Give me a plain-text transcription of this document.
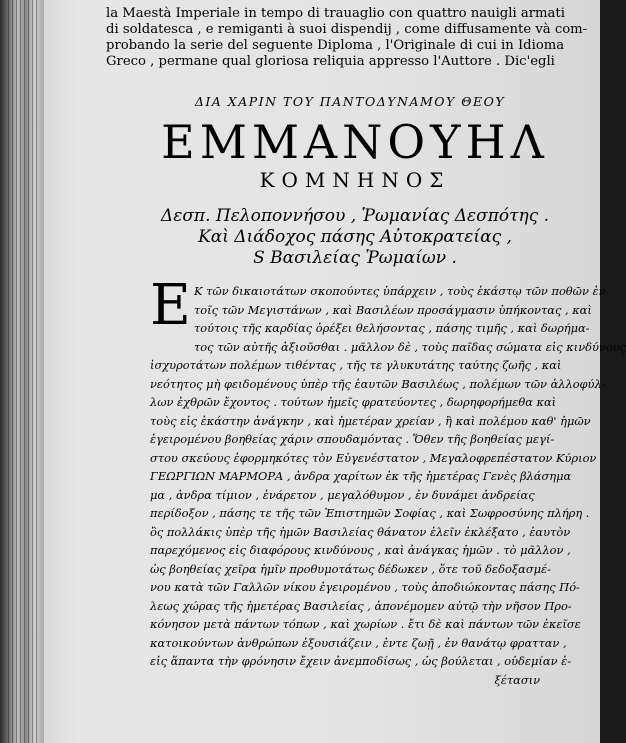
la Maestà Imperiale in tempo di trauaglio con quattro nauigli armati
di soldatesca , e remiganti à suoi dispendij , come diffusamente và com-
probando la serie del seguente Diploma , l'Originale di cui in Idioma
Greco , permane qual gloriosa reliquia appresso l'Auttore . Dic'egli
ΔΙΑ ΧΑΡΙΝ ΤΟΥ ΠΑΝΤΟΔΥΝΑΜΟΥ ΘΕΟΥ
ΕΜΜΑΝΟΥΗΛ
ΚΟΜΝΗΝΟΣ
Δεσπ. Πελοποννήσου , Ῥωμανίας Δεσπότης .
Καὶ Διάδοχος πάσης Αὐτοκρατείας ,
S Βασιλείας Ῥωμαίων .
Ε Κ τῶν δικαιοτάτων σκοπούντες ὑπάρχειν , τοὺς ἑκάστῳ τῶν ποθῶν ἐν
τοῖς τῶν Μεγιστάνων , καὶ Βασιλέων προσάγμασιν ὑπήκοντας , καὶ
τούτοις τῆς καρδίας ὀρέξει θελήσοντας , πάσης τιμῆς , καὶ δωρήμα-
τος τῶν αὐτῆς ἀξιοῦσθαι . μᾶλλον δὲ , τοὺς παῖδας σώματα εἰς κινδύνους
ἰσχυροτάτων πολέμων τιθέντας , τῆς τε γλυκυτάτης ταύτης ζωῆς , καὶ
νεότητος μὴ φειδομένους ὑπὲρ τῆς ἑαυτῶν Βασιλέως , πολέμων τῶν ἀλλοφύλ-
λων ἐχθρῶν ἔχοντος . τούτων ἡμεῖς φρατεύοντες , δωρηφορήμεθα καὶ
τοὺς εἰς ἑκάστην ἀνάγκην , καὶ ἡμετέραν χρείαν , ἢ καὶ πολέμου καθ' ἡμῶν
ἐγειρομένου βοηθείας χάριν σπουδαμόντας . Ὅθεν τῆς βοηθείας μεγί-
στου σκεύους ἐφορμηκότες τὸν Εὐγενέστατον , Μεγαλοφρεπέστατον Κύριον
ΓΕΩΡΓΙΩΝ ΜΑΡΜΟΡΑ , ἀνδρα χαρίτων ἐκ τῆς ἡμετέρας Γενὲς βλάσημα
μα , ἀνδρα τίμιον , ἐνάρετον , μεγαλόθυμον , ἐν δυνάμει ἀνδρείας
περίδοξον , πάσης τε τῆς τῶν Ἐπιστημῶν Σοφίας , καὶ Σωφροσύνης πλήρη .
ὃς πολλάκις ὑπὲρ τῆς ἡμῶν Βασιλείας θάνατον ἑλεῖν ἐκλέξατο , ἑαυτὸν
παρεχόμενος εἰς διαφόρους κινδύνους , καὶ ἀνάγκας ἡμῶν . τὸ μᾶλλον ,
ὡς βοηθείας χεῖρα ἡμῖν προθυμοτάτως δέδωκεν , ὅτε τοῦ δεδοξασμέ-
νου κατὰ τῶν Γαλλῶν νίκου ἐγειρομένου , τοὺς ἀποδιώκοντας πάσης Πό-
λεως χώρας τῆς ἡμετέρας Βασιλείας , ἀπονέμομεν αὐτῷ τὴν νῆσον Προ-
κόνησον μετὰ πάντων τόπων , καὶ χωρίων . ἔτι δὲ καὶ πάντων τῶν ἐκεῖσε
κατοικούντων ἀνθρώπων ἐξουσιάζειν , ἐντε ζωῇ , ἐν θανάτῳ φρατταν ,
εἰς ἅπαντα τὴν φρόνησιν ἔχειν ἀνεμποδίσως , ὡς βούλεται , οὐδεμίαν ἐ-
ξέτασιν
